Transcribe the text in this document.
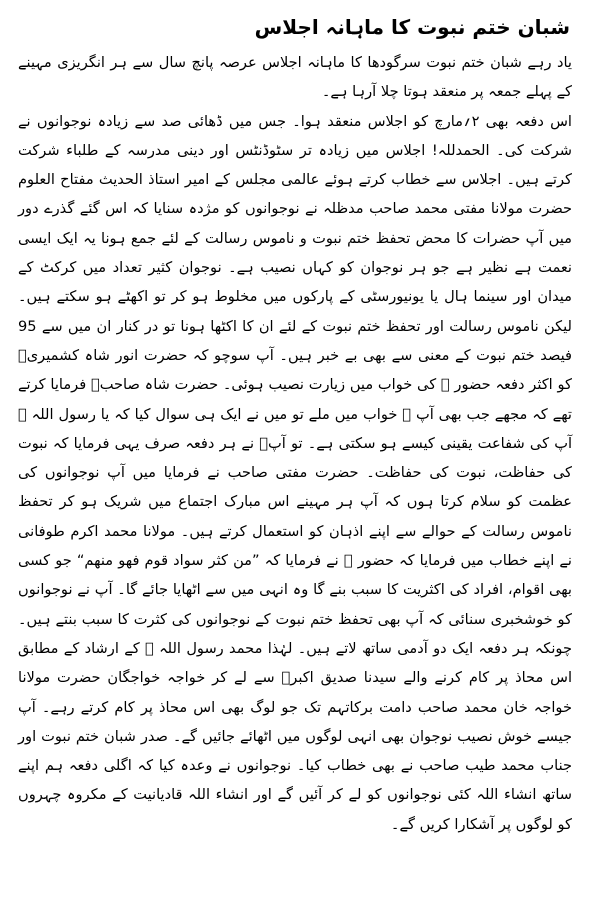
شبان ختم نبوت کا ماہانہ اجلاس

یاد رہے شبان ختم نبوت سرگودھا کا ماہانہ اجلاس عرصہ پانچ سال سے ہر انگریزی مہینے کے پہلے جمعہ پر منعقد ہوتا چلا آرہا ہے۔

اس دفعہ بھی ۲؍مارچ کو اجلاس منعقد ہوا۔ جس میں ڈھائی صد سے زیادہ نوجوانوں نے شرکت کی۔ الحمدللہ! اجلاس میں زیادہ تر سٹوڈنٹس اور دینی مدرسہ کے طلباء شرکت کرتے ہیں۔ اجلاس سے خطاب کرتے ہوئے عالمی مجلس کے امیر استاذ الحدیث مفتاح العلوم حضرت مولانا مفتی محمد صاحب مدظلہ نے نوجوانوں کو مژدہ سنایا کہ اس گئے گذرے دور میں آپ حضرات کا محض تحفظ ختم نبوت و ناموس رسالت کے لئے جمع ہونا یہ ایک ایسی نعمت ہے نظیر ہے جو ہر نوجوان کو کہاں نصیب ہے۔ نوجوان کثیر تعداد میں کرکٹ کے میدان اور سینما ہال یا یونیورسٹی کے پارکوں میں مخلوط ہو کر تو اکھٹے ہو سکتے ہیں۔ لیکن ناموس رسالت اور تحفظ ختم نبوت کے لئے ان کا اکٹھا ہونا تو در کنار ان میں سے 95 فیصد ختم نبوت کے معنی سے بھی بے خبر ہیں۔ آپ سوچو کہ حضرت انور شاہ کشمیریؒ کو اکثر دفعہ حضور ﷺ کی خواب میں زیارت نصیب ہوئی۔ حضرت شاہ صاحبؒ فرمایا کرتے تھے کہ مجھے جب بھی آپ ﷺ خواب میں ملے تو میں نے ایک ہی سوال کیا کہ یا رسول اللہ ﷺ آپ کی شفاعت یقینی کیسے ہو سکتی ہے۔ تو آپؐ نے ہر دفعہ صرف یہی فرمایا کہ نبوت کی حفاظت، نبوت کی حفاظت۔ حضرت مفتی صاحب نے فرمایا میں آپ نوجوانوں کی عظمت کو سلام کرتا ہوں کہ آپ ہر مہینے اس مبارک اجتماع میں شریک ہو کر تحفظ ناموس رسالت کے حوالے سے اپنے اذہان کو استعمال کرتے ہیں۔ مولانا محمد اکرم طوفانی نے اپنے خطاب میں فرمایا کہ حضور ﷺ نے فرمایا کہ ”من کثر سواد قوم فھو منھم“ جو کسی بھی اقوام، افراد کی اکثریت کا سبب بنے گا وہ انہی میں سے اٹھایا جائے گا۔ آپ نے نوجوانوں کو خوشخبری سنائی کہ آپ بھی تحفظ ختم نبوت کے نوجوانوں کی کثرت کا سبب بنتے ہیں۔ چونکہ ہر دفعہ ایک دو آدمی ساتھ لاتے ہیں۔ لہٰذا محمد رسول اللہ ﷺ کے ارشاد کے مطابق اس محاذ پر کام کرنے والے سیدنا صدیق اکبرؓ سے لے کر خواجہ خواجگان حضرت مولانا خواجہ خان محمد صاحب دامت برکاتہم تک جو لوگ بھی اس محاذ پر کام کرتے رہے۔ آپ جیسے خوش نصیب نوجوان بھی انہی لوگوں میں اٹھائے جائیں گے۔ صدر شبان ختم نبوت اور جناب محمد طیب صاحب نے بھی خطاب کیا۔ نوجوانوں نے وعدہ کیا کہ اگلی دفعہ ہم اپنے ساتھ انشاء اللہ کئی نوجوانوں کو لے کر آئیں گے اور انشاء اللہ قادیانیت کے مکروہ چہروں کو لوگوں پر آشکارا کریں گے۔
